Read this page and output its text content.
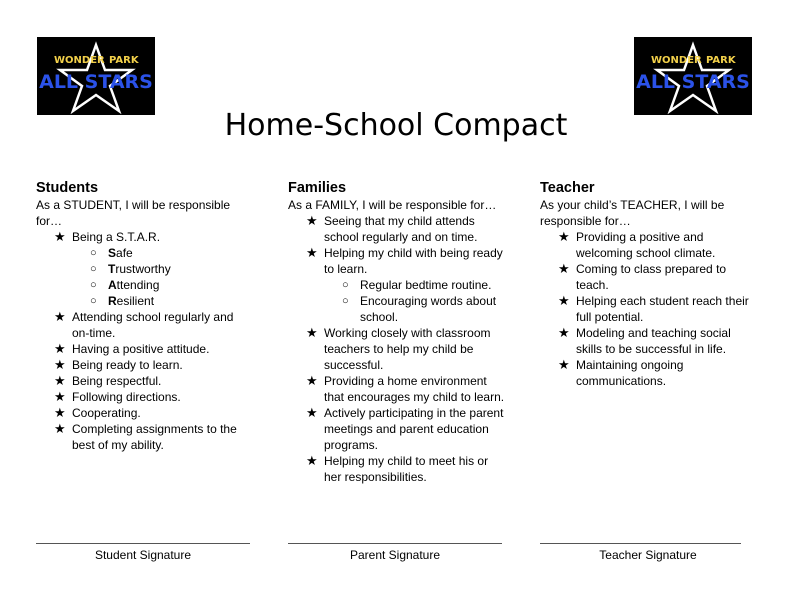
WONDER PARK
ALL STARS
WONDER PARK
ALL STARS
Home-School Compact

Students

As a STUDENT, I will be responsible for…

★ Being a S.T.A.R.
○ Safe
○ Trustworthy
○ Attending
○ Resilient
★ Attending school regularly and on-time.
★ Having a positive attitude.
★ Being ready to learn.
★ Being respectful.
★ Following directions.
★ Cooperating.
★ Completing assignments to the best of my ability.

Families

As a FAMILY, I will be responsible for…

★ Seeing that my child attends school regularly and on time.
★ Helping my child with being ready to learn.
○ Regular bedtime routine.
○ Encouraging words about school.
★ Working closely with classroom teachers to help my child be successful.
★ Providing a home environment that encourages my child to learn.
★ Actively participating in the parent meetings and parent education programs.
★ Helping my child to meet his or her responsibilities.

Teacher

As your child’s TEACHER, I will be responsible for…

★ Providing a positive and welcoming school climate.
★ Coming to class prepared to teach.
★ Helping each student reach their full potential.
★ Modeling and teaching social skills to be successful in life.
★ Maintaining ongoing communications.
Student Signature	Parent Signature	Teacher Signature
